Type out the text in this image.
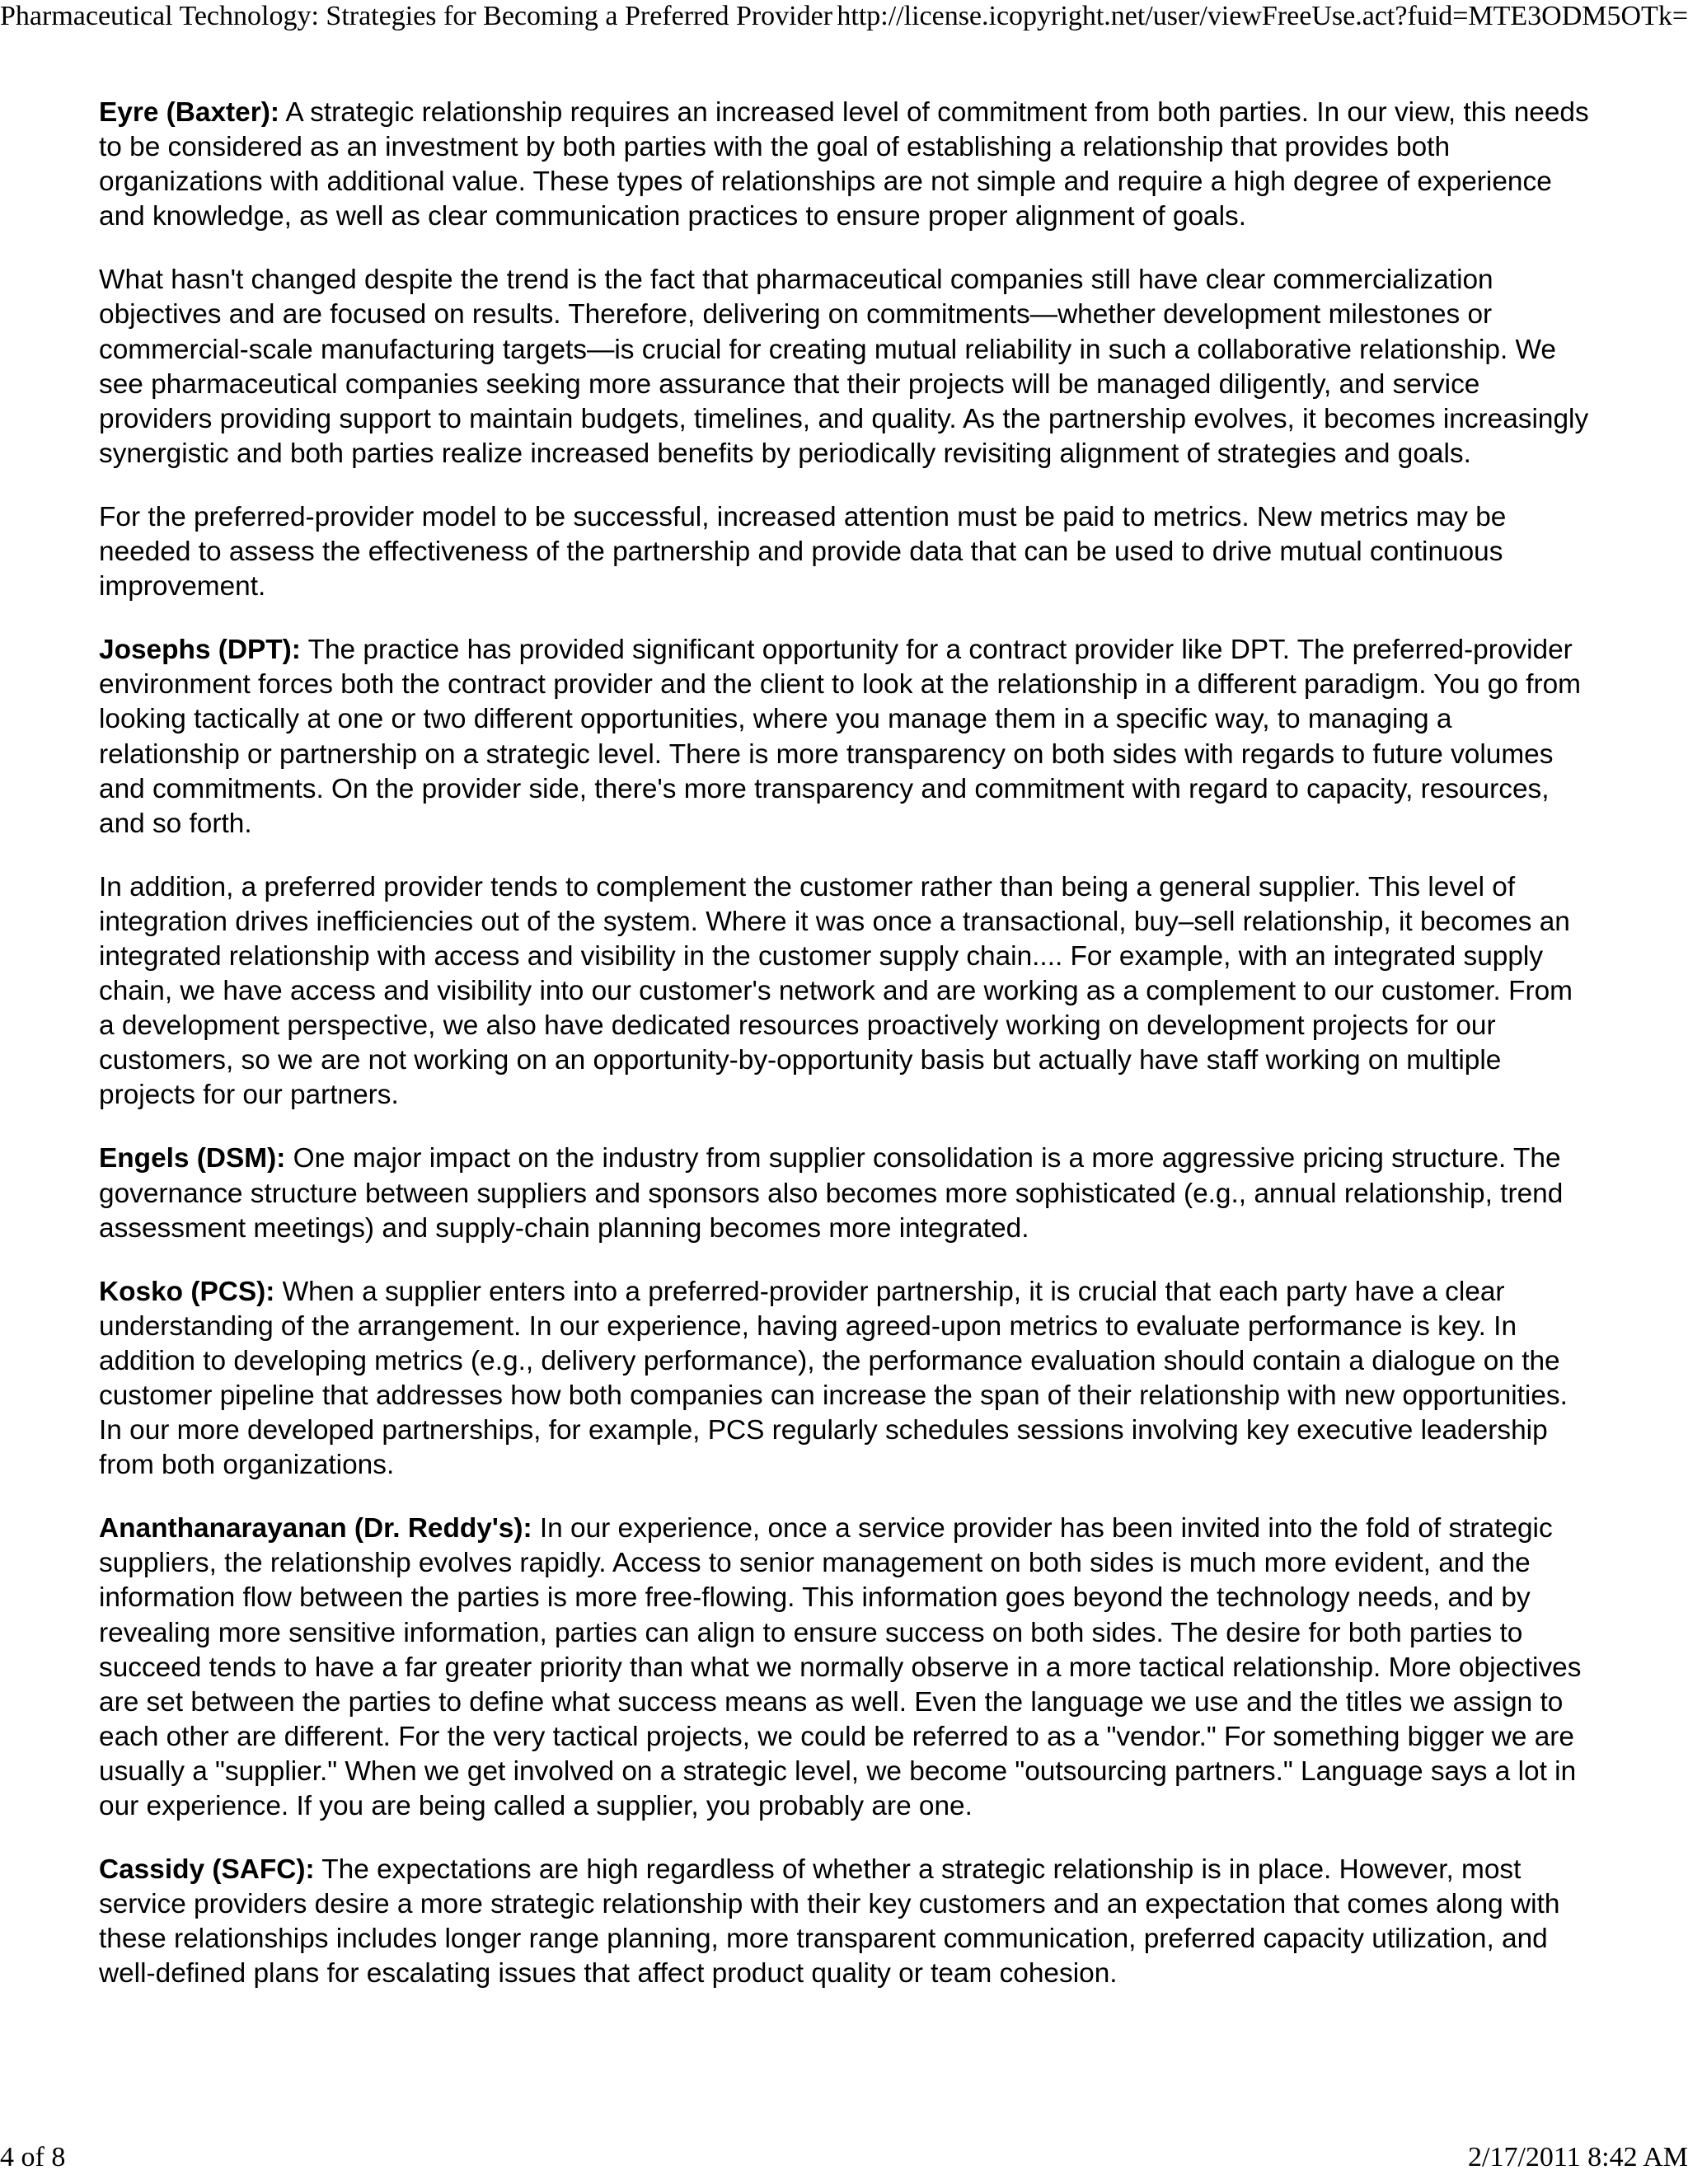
Pharmaceutical Technology: Strategies for Becoming a Preferred Provider http://license.icopyright.net/user/viewFreeUse.act?fuid=MTE3ODM5OTk=

Eyre (Baxter): A strategic relationship requires an increased level of commitment from both parties. In our view, this needs to be considered as an investment by both parties with the goal of establishing a relationship that provides both organizations with additional value. These types of relationships are not simple and require a high degree of experience and knowledge, as well as clear communication practices to ensure proper alignment of goals.

What hasn't changed despite the trend is the fact that pharmaceutical companies still have clear commercialization objectives and are focused on results. Therefore, delivering on commitments—whether development milestones or commercial-scale manufacturing targets—is crucial for creating mutual reliability in such a collaborative relationship. We see pharmaceutical companies seeking more assurance that their projects will be managed diligently, and service providers providing support to maintain budgets, timelines, and quality. As the partnership evolves, it becomes increasingly synergistic and both parties realize increased benefits by periodically revisiting alignment of strategies and goals.

For the preferred-provider model to be successful, increased attention must be paid to metrics. New metrics may be needed to assess the effectiveness of the partnership and provide data that can be used to drive mutual continuous improvement.

Josephs (DPT): The practice has provided significant opportunity for a contract provider like DPT. The preferred-provider environment forces both the contract provider and the client to look at the relationship in a different paradigm. You go from looking tactically at one or two different opportunities, where you manage them in a specific way, to managing a relationship or partnership on a strategic level. There is more transparency on both sides with regards to future volumes and commitments. On the provider side, there's more transparency and commitment with regard to capacity, resources, and so forth.

In addition, a preferred provider tends to complement the customer rather than being a general supplier. This level of integration drives inefficiencies out of the system. Where it was once a transactional, buy–sell relationship, it becomes an integrated relationship with access and visibility in the customer supply chain.... For example, with an integrated supply chain, we have access and visibility into our customer's network and are working as a complement to our customer. From a development perspective, we also have dedicated resources proactively working on development projects for our customers, so we are not working on an opportunity-by-opportunity basis but actually have staff working on multiple projects for our partners.

Engels (DSM): One major impact on the industry from supplier consolidation is a more aggressive pricing structure. The governance structure between suppliers and sponsors also becomes more sophisticated (e.g., annual relationship, trend assessment meetings) and supply-chain planning becomes more integrated.

Kosko (PCS): When a supplier enters into a preferred-provider partnership, it is crucial that each party have a clear understanding of the arrangement. In our experience, having agreed-upon metrics to evaluate performance is key. In addition to developing metrics (e.g., delivery performance), the performance evaluation should contain a dialogue on the customer pipeline that addresses how both companies can increase the span of their relationship with new opportunities. In our more developed partnerships, for example, PCS regularly schedules sessions involving key executive leadership from both organizations.

Ananthanarayanan (Dr. Reddy's): In our experience, once a service provider has been invited into the fold of strategic suppliers, the relationship evolves rapidly. Access to senior management on both sides is much more evident, and the information flow between the parties is more free-flowing. This information goes beyond the technology needs, and by revealing more sensitive information, parties can align to ensure success on both sides. The desire for both parties to succeed tends to have a far greater priority than what we normally observe in a more tactical relationship. More objectives are set between the parties to define what success means as well. Even the language we use and the titles we assign to each other are different. For the very tactical projects, we could be referred to as a "vendor." For something bigger we are usually a "supplier." When we get involved on a strategic level, we become "outsourcing partners." Language says a lot in our experience. If you are being called a supplier, you probably are one.

Cassidy (SAFC): The expectations are high regardless of whether a strategic relationship is in place. However, most service providers desire a more strategic relationship with their key customers and an expectation that comes along with these relationships includes longer range planning, more transparent communication, preferred capacity utilization, and well-defined plans for escalating issues that affect product quality or team cohesion.

4 of 8	2/17/2011 8:42 AM
